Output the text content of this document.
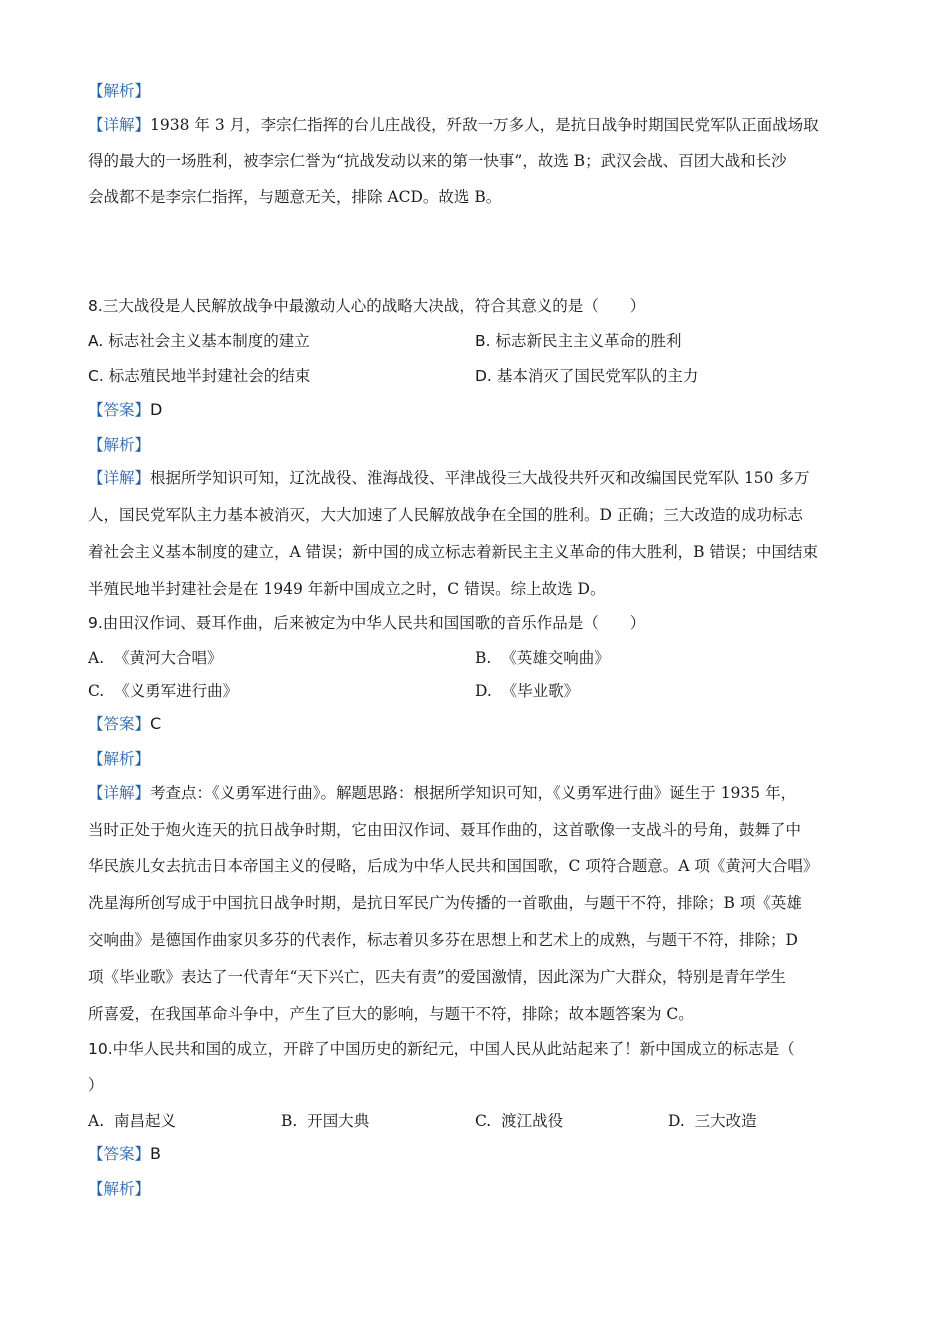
【解析】
【详解】1938 年 3 月，李宗仁指挥的台儿庄战役，歼敌一万多人，是抗日战争时期国民党军队正面战场取
得的最大的一场胜利，被李宗仁誉为“抗战发动以来的第一快事”，故选 B；武汉会战、百团大战和长沙
会战都不是李宗仁指挥，与题意无关，排除 ACD。故选 B。
8.三大战役是人民解放战争中最激动人心的战略大决战，符合其意义的是（　　）
A. 标志社会主义基本制度的建立	B. 标志新民主主义革命的胜利
C. 标志殖民地半封建社会的结束	D. 基本消灭了国民党军队的主力
【答案】D
【解析】
【详解】根据所学知识可知，辽沈战役、淮海战役、平津战役三大战役共歼灭和改编国民党军队 150 多万
人，国民党军队主力基本被消灭，大大加速了人民解放战争在全国的胜利。D 正确；三大改造的成功标志
着社会主义基本制度的建立，A 错误；新中国的成立标志着新民主主义革命的伟大胜利，B 错误；中国结束
半殖民地半封建社会是在 1949 年新中国成立之时，C 错误。综上故选 D。
9.由田汉作词、聂耳作曲，后来被定为中华人民共和国国歌的音乐作品是（　　）
A. 《黄河大合唱》	B. 《英雄交响曲》
C. 《义勇军进行曲》	D. 《毕业歌》
【答案】C
【解析】
【详解】考查点：《义勇军进行曲》。解题思路：根据所学知识可知，《义勇军进行曲》诞生于 1935 年，
当时正处于炮火连天的抗日战争时期，它由田汉作词、聂耳作曲的，这首歌像一支战斗的号角，鼓舞了中
华民族儿女去抗击日本帝国主义的侵略，后成为中华人民共和国国歌，C 项符合题意。A 项《黄河大合唱》
冼星海所创写成于中国抗日战争时期，是抗日军民广为传播的一首歌曲，与题干不符，排除；B 项《英雄
交响曲》是德国作曲家贝多芬的代表作，标志着贝多芬在思想上和艺术上的成熟，与题干不符，排除；D
项《毕业歌》表达了一代青年“天下兴亡，匹夫有责”的爱国激情，因此深为广大群众，特别是青年学生
所喜爱，在我国革命斗争中，产生了巨大的影响，与题干不符，排除；故本题答案为 C。
10.中华人民共和国的成立，开辟了中国历史的新纪元，中国人民从此站起来了！新中国成立的标志是（
）
A. 南昌起义	B. 开国大典	C. 渡江战役	D. 三大改造
【答案】B
【解析】
